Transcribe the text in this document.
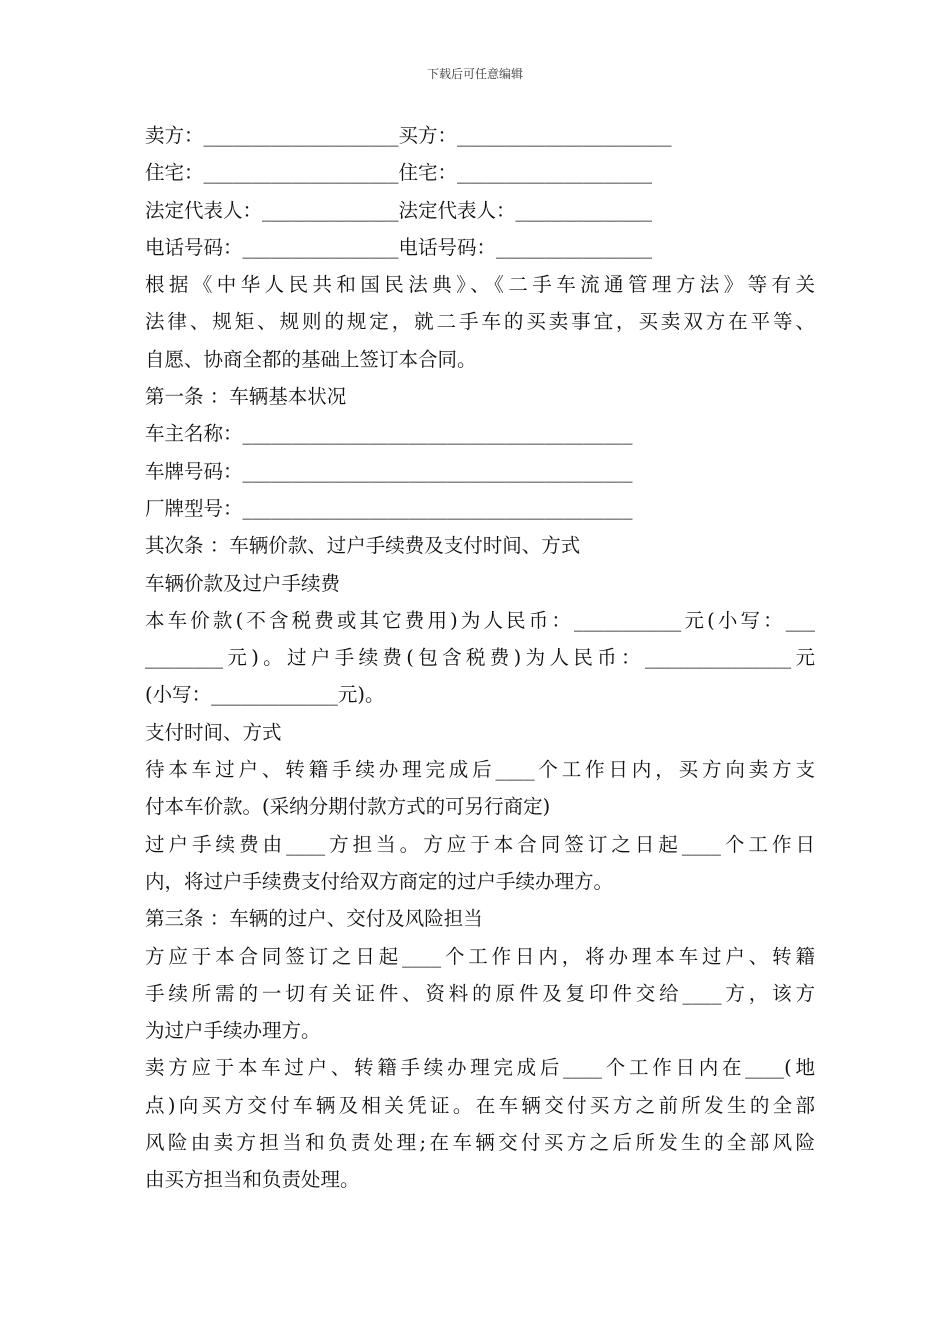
下载后可任意编辑
卖方：____________________买方：______________________
住宅：____________________住宅：____________________
法定代表人：______________法定代表人：______________
电话号码：________________电话号码：________________
根据《中华人民共和国民法典》、《二手车流通管理方法》等有关
法律、规矩、规则的规定，就二手车的买卖事宜，买卖双方在平等、
自愿、协商全都的基础上签订本合同。
第一条 ：车辆基本状况
车主名称：________________________________________
车牌号码：________________________________________
厂牌型号：________________________________________
其次条 ：车辆价款、过户手续费及支付时间、方式
车辆价款及过户手续费
本车价款(不含税费或其它费用)为人民币：___________元(小写：___
________元)。过户手续费(包含税费)为人民币：_______________元
(小写：_____________元)。
支付时间、方式
待本车过户、转籍手续办理完成后____个工作日内，买方向卖方支
付本车价款。(采纳分期付款方式的可另行商定)
过户手续费由____方担当。方应于本合同签订之日起____个工作日
内，将过户手续费支付给双方商定的过户手续办理方。
第三条 ：车辆的过户、交付及风险担当
方应于本合同签订之日起____个工作日内，将办理本车过户、转籍
手续所需的一切有关证件、资料的原件及复印件交给____方，该方
为过户手续办理方。
卖方应于本车过户、转籍手续办理完成后____个工作日内在____(地
点)向买方交付车辆及相关凭证。在车辆交付买方之前所发生的全部
风险由卖方担当和负责处理;在车辆交付买方之后所发生的全部风险
由买方担当和负责处理。
